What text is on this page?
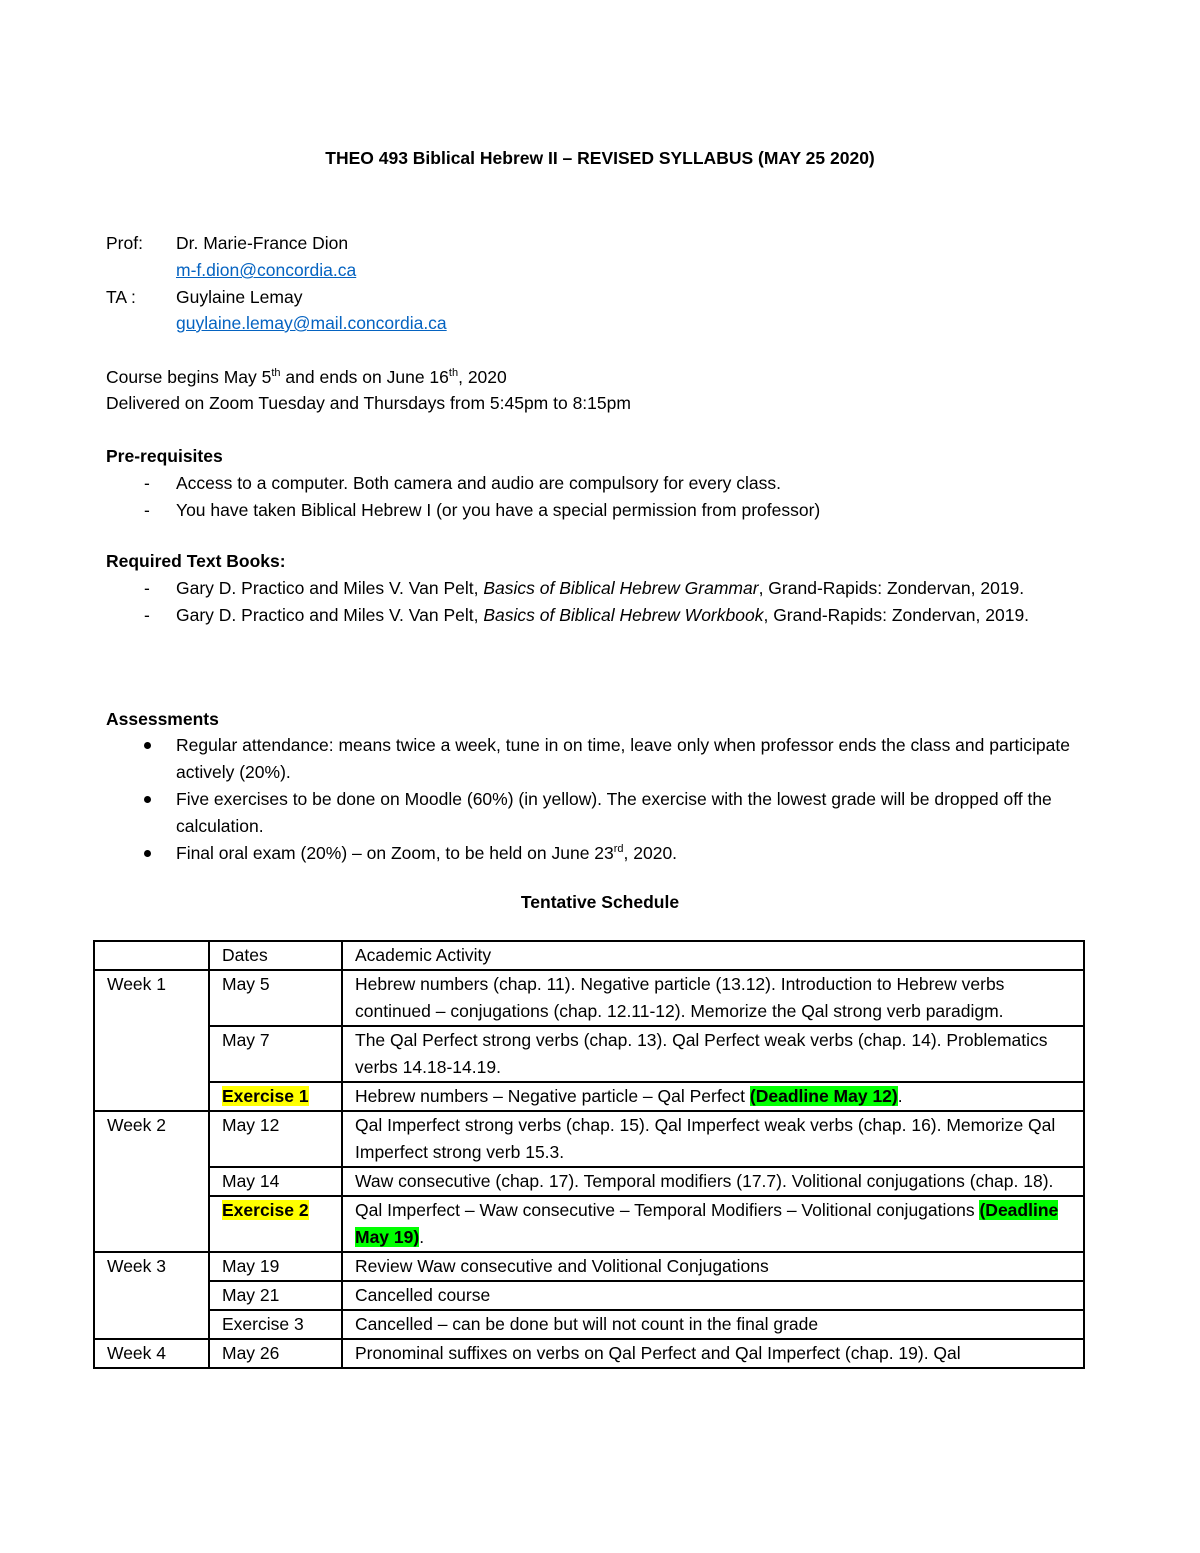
THEO 493 Biblical Hebrew II – REVISED SYLLABUS (MAY 25 2020)
Prof: Dr. Marie-France Dion
m-f.dion@concordia.ca
TA : Guylaine Lemay
guylaine.lemay@mail.concordia.ca
Course begins May 5th and ends on June 16th, 2020
Delivered on Zoom Tuesday and Thursdays from 5:45pm to 8:15pm
Pre-requisites
- Access to a computer. Both camera and audio are compulsory for every class.
- You have taken Biblical Hebrew I (or you have a special permission from professor)
Required Text Books:
- Gary D. Practico and Miles V. Van Pelt, Basics of Biblical Hebrew Grammar, Grand-Rapids: Zondervan, 2019.
- Gary D. Practico and Miles V. Van Pelt, Basics of Biblical Hebrew Workbook, Grand-Rapids: Zondervan, 2019.
Assessments
Regular attendance: means twice a week, tune in on time, leave only when professor ends the class and participate actively (20%).
Five exercises to be done on Moodle (60%) (in yellow). The exercise with the lowest grade will be dropped off the calculation.
Final oral exam (20%) – on Zoom, to be held on June 23rd, 2020.
Tentative Schedule
	Dates	Academic Activity
Week 1	May 5	Hebrew numbers (chap. 11). Negative particle (13.12). Introduction to Hebrew verbs continued – conjugations (chap. 12.11-12). Memorize the Qal strong verb paradigm.
	May 7	The Qal Perfect strong verbs (chap. 13). Qal Perfect weak verbs (chap. 14). Problematics verbs 14.18-14.19.
	Exercise 1	Hebrew numbers – Negative particle – Qal Perfect (Deadline May 12).
Week 2	May 12	Qal Imperfect strong verbs (chap. 15). Qal Imperfect weak verbs (chap. 16). Memorize Qal Imperfect strong verb 15.3.
	May 14	Waw consecutive (chap. 17). Temporal modifiers (17.7). Volitional conjugations (chap. 18).
	Exercise 2	Qal Imperfect – Waw consecutive – Temporal Modifiers – Volitional conjugations (Deadline May 19).
Week 3	May 19	Review Waw consecutive and Volitional Conjugations
	May 21	Cancelled course
	Exercise 3	Cancelled – can be done but will not count in the final grade
Week 4	May 26	Pronominal suffixes on verbs on Qal Perfect and Qal Imperfect (chap. 19). Qal
